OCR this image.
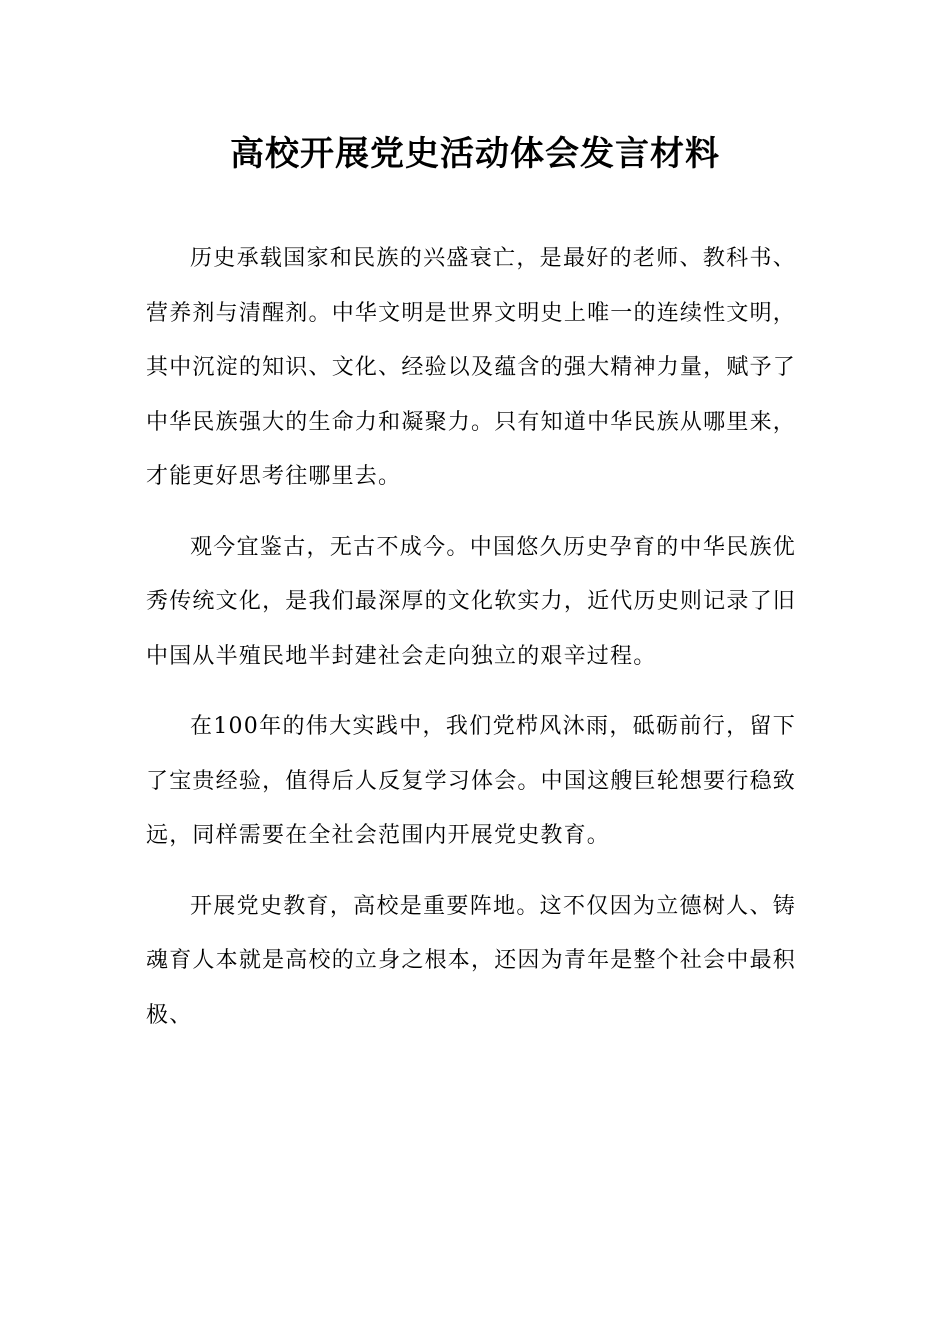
高校开展党史活动体会发言材料

历史承载国家和民族的兴盛衰亡，是最好的老师、教科书、营养剂与清醒剂。中华文明是世界文明史上唯一的连续性文明，其中沉淀的知识、文化、经验以及蕴含的强大精神力量，赋予了中华民族强大的生命力和凝聚力。只有知道中华民族从哪里来，才能更好思考往哪里去。

观今宜鉴古，无古不成今。中国悠久历史孕育的中华民族优秀传统文化，是我们最深厚的文化软实力，近代历史则记录了旧中国从半殖民地半封建社会走向独立的艰辛过程。

在100年的伟大实践中，我们党栉风沐雨，砥砺前行，留下了宝贵经验，值得后人反复学习体会。中国这艘巨轮想要行稳致远，同样需要在全社会范围内开展党史教育。

开展党史教育，高校是重要阵地。这不仅因为立德树人、铸魂育人本就是高校的立身之根本，还因为青年是整个社会中最积极、
